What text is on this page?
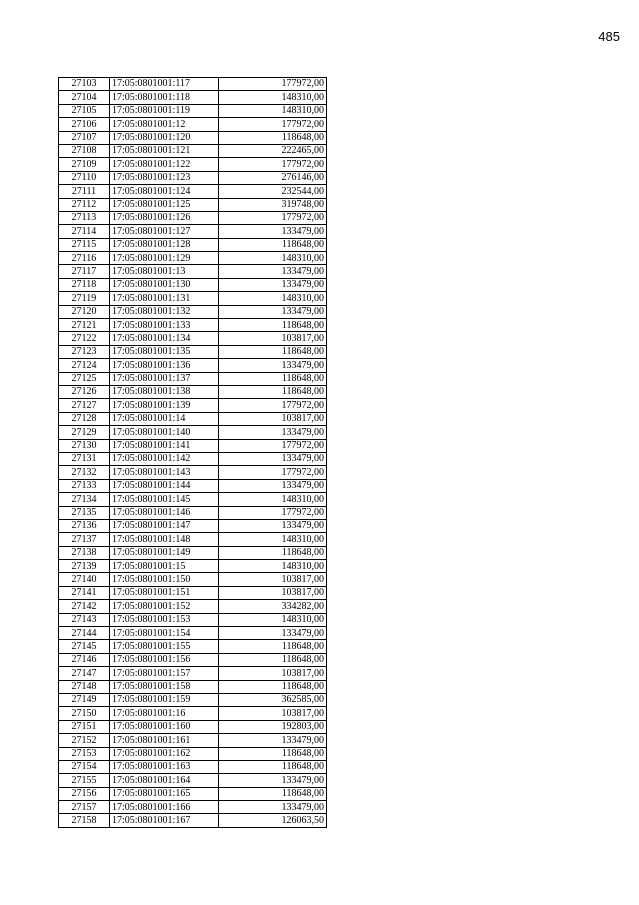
485
27103	17:05:0801001:117	177972,00
27104	17:05:0801001:118	148310,00
27105	17:05:0801001:119	148310,00
27106	17:05:0801001:12	177972,00
27107	17:05:0801001:120	118648,00
27108	17:05:0801001:121	222465,00
27109	17:05:0801001:122	177972,00
27110	17:05:0801001:123	276146,00
27111	17:05:0801001:124	232544,00
27112	17:05:0801001:125	319748,00
27113	17:05:0801001:126	177972,00
27114	17:05:0801001:127	133479,00
27115	17:05:0801001:128	118648,00
27116	17:05:0801001:129	148310,00
27117	17:05:0801001:13	133479,00
27118	17:05:0801001:130	133479,00
27119	17:05:0801001:131	148310,00
27120	17:05:0801001:132	133479,00
27121	17:05:0801001:133	118648,00
27122	17:05:0801001:134	103817,00
27123	17:05:0801001:135	118648,00
27124	17:05:0801001:136	133479,00
27125	17:05:0801001:137	118648,00
27126	17:05:0801001:138	118648,00
27127	17:05:0801001:139	177972,00
27128	17:05:0801001:14	103817,00
27129	17:05:0801001:140	133479,00
27130	17:05:0801001:141	177972,00
27131	17:05:0801001:142	133479,00
27132	17:05:0801001:143	177972,00
27133	17:05:0801001:144	133479,00
27134	17:05:0801001:145	148310,00
27135	17:05:0801001:146	177972,00
27136	17:05:0801001:147	133479,00
27137	17:05:0801001:148	148310,00
27138	17:05:0801001:149	118648,00
27139	17:05:0801001:15	148310,00
27140	17:05:0801001:150	103817,00
27141	17:05:0801001:151	103817,00
27142	17:05:0801001:152	334282,00
27143	17:05:0801001:153	148310,00
27144	17:05:0801001:154	133479,00
27145	17:05:0801001:155	118648,00
27146	17:05:0801001:156	118648,00
27147	17:05:0801001:157	103817,00
27148	17:05:0801001:158	118648,00
27149	17:05:0801001:159	362585,00
27150	17:05:0801001:16	103817,00
27151	17:05:0801001:160	192803,00
27152	17:05:0801001:161	133479,00
27153	17:05:0801001:162	118648,00
27154	17:05:0801001:163	118648,00
27155	17:05:0801001:164	133479,00
27156	17:05:0801001:165	118648,00
27157	17:05:0801001:166	133479,00
27158	17:05:0801001:167	126063,50
